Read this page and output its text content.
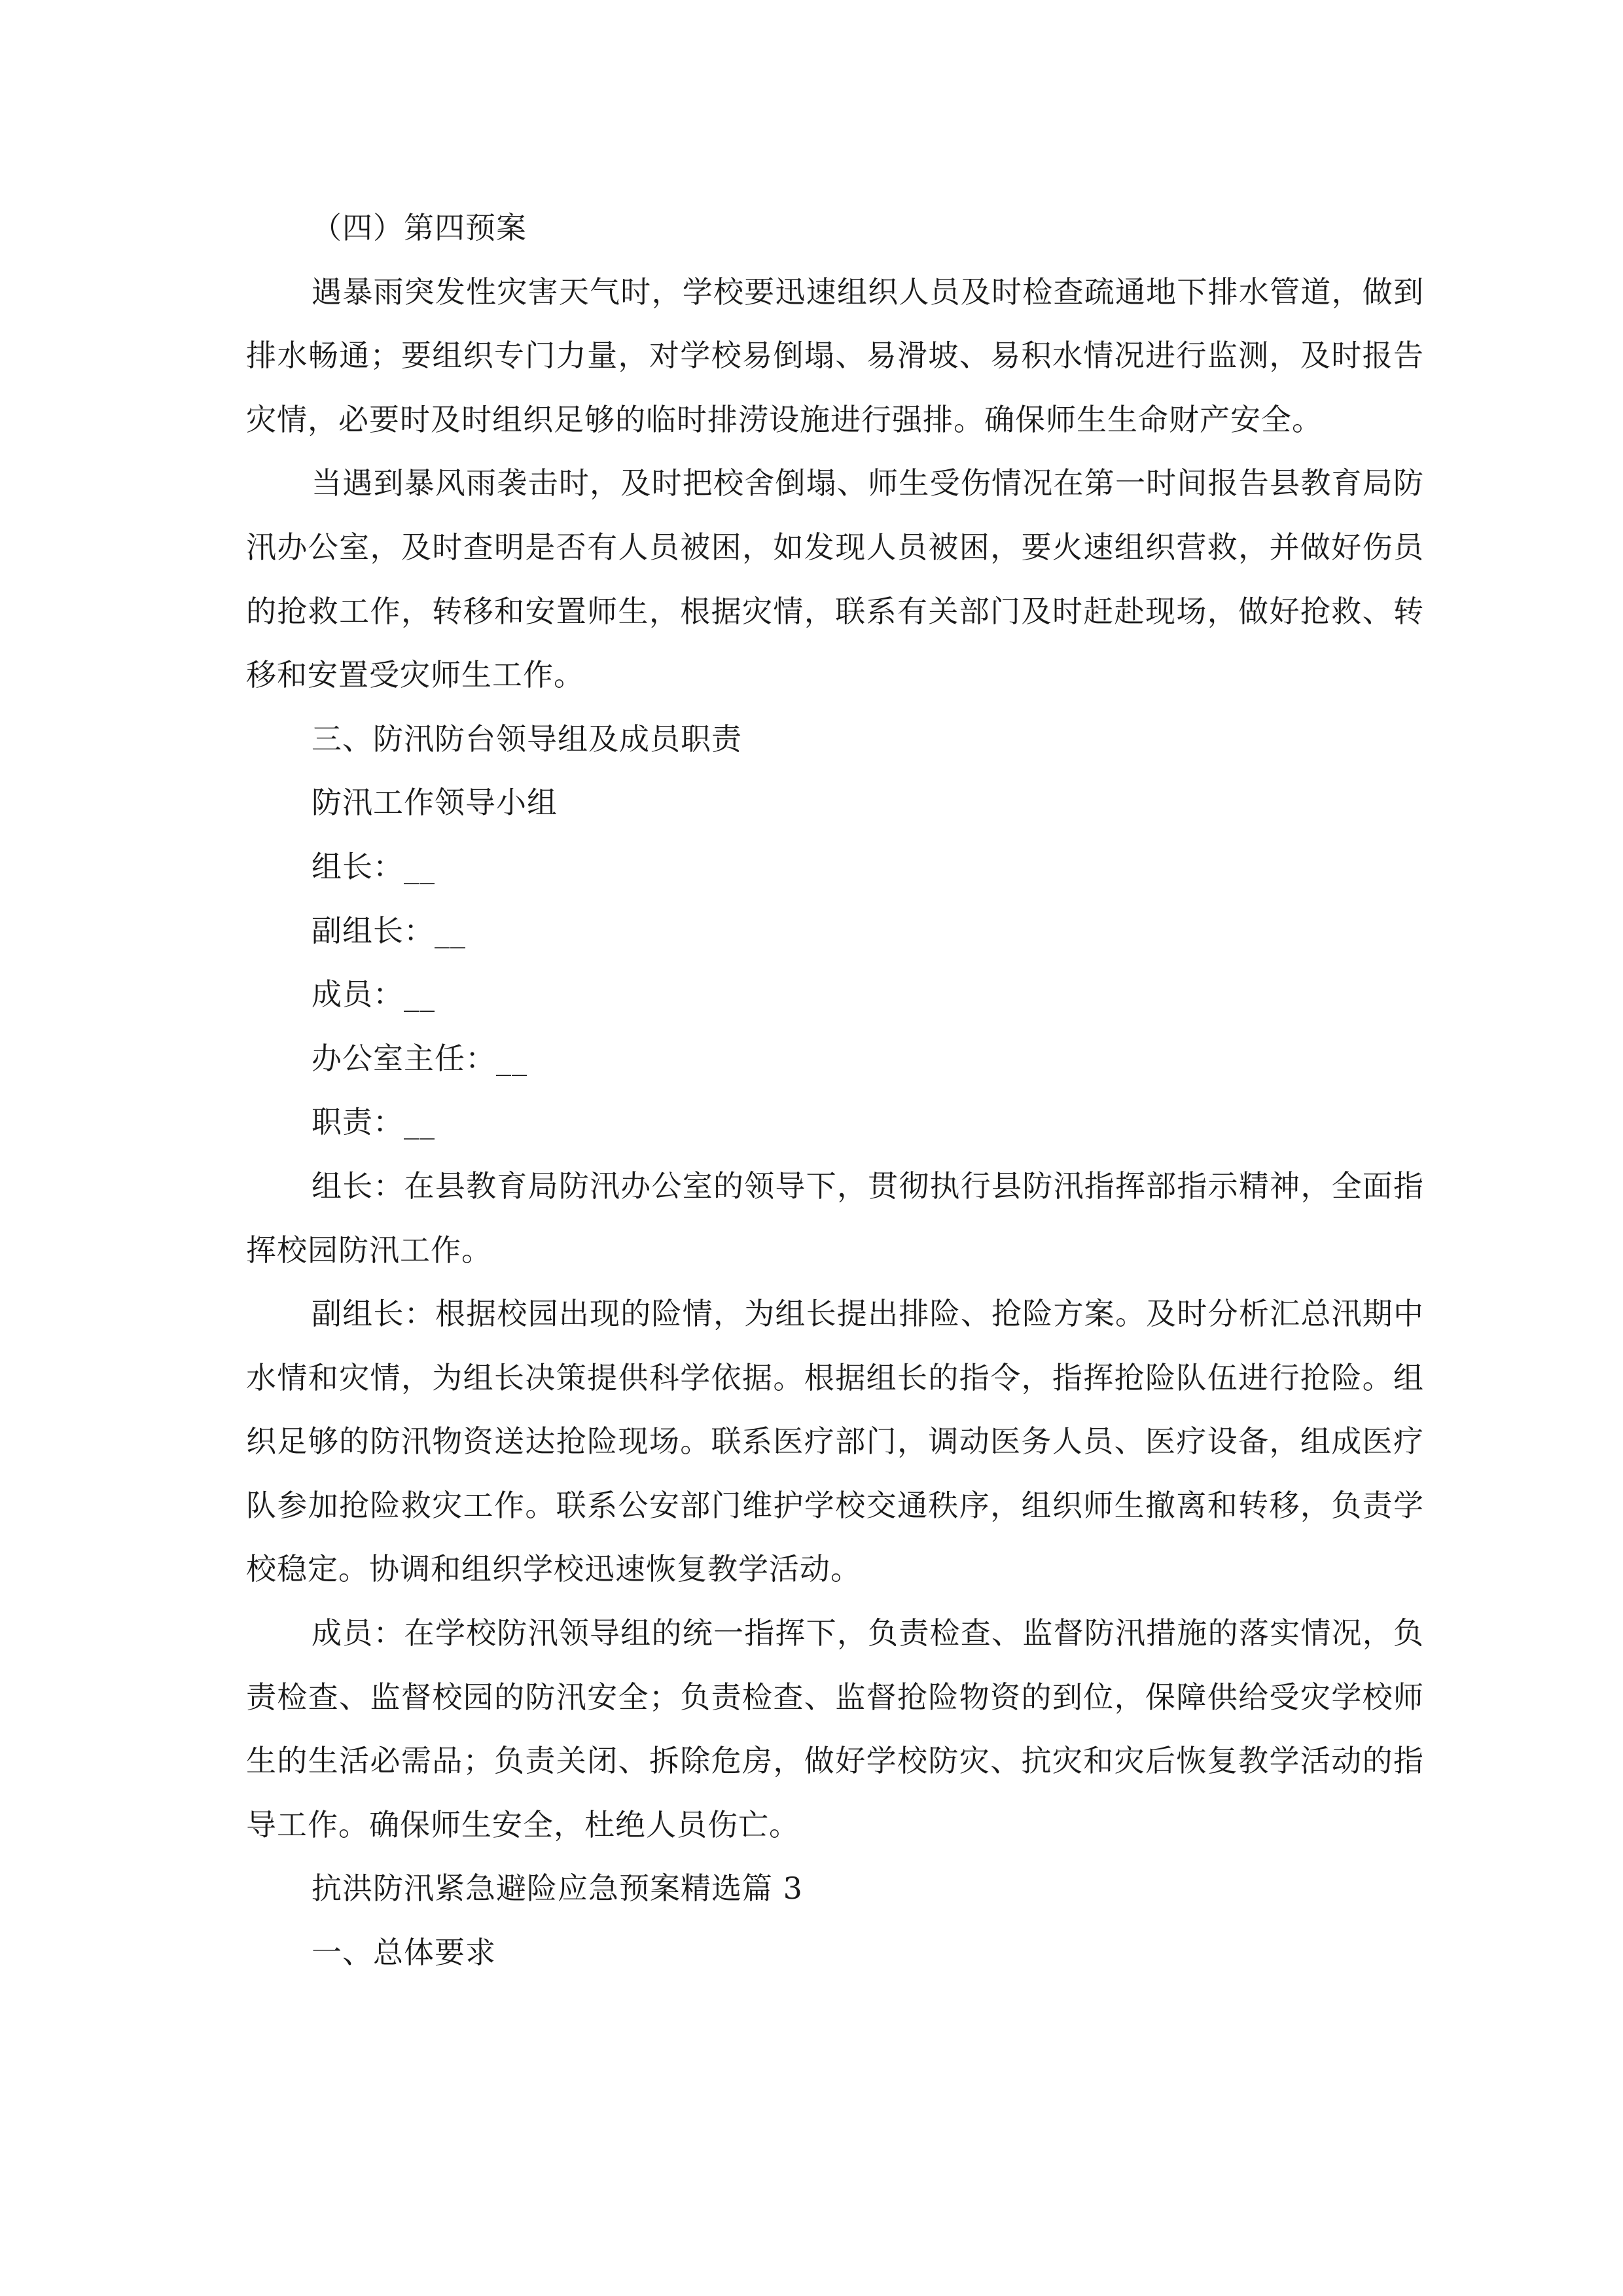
（四）第四预案

遇暴雨突发性灾害天气时，学校要迅速组织人员及时检查疏通地下排水管道，做到排水畅通；要组织专门力量，对学校易倒塌、易滑坡、易积水情况进行监测，及时报告灾情，必要时及时组织足够的临时排涝设施进行强排。确保师生生命财产安全。

当遇到暴风雨袭击时，及时把校舍倒塌、师生受伤情况在第一时间报告县教育局防汛办公室，及时查明是否有人员被困，如发现人员被困，要火速组织营救，并做好伤员的抢救工作，转移和安置师生，根据灾情，联系有关部门及时赶赴现场，做好抢救、转移和安置受灾师生工作。

三、防汛防台领导组及成员职责

防汛工作领导小组

组长：__

副组长：__

成员：__

办公室主任：__

职责：__

组长：在县教育局防汛办公室的领导下，贯彻执行县防汛指挥部指示精神，全面指挥校园防汛工作。

副组长：根据校园出现的险情，为组长提出排险、抢险方案。及时分析汇总汛期中水情和灾情，为组长决策提供科学依据。根据组长的指令，指挥抢险队伍进行抢险。组织足够的防汛物资送达抢险现场。联系医疗部门，调动医务人员、医疗设备，组成医疗队参加抢险救灾工作。联系公安部门维护学校交通秩序，组织师生撤离和转移，负责学校稳定。协调和组织学校迅速恢复教学活动。

成员：在学校防汛领导组的统一指挥下，负责检查、监督防汛措施的落实情况，负责检查、监督校园的防汛安全；负责检查、监督抢险物资的到位，保障供给受灾学校师生的生活必需品；负责关闭、拆除危房，做好学校防灾、抗灾和灾后恢复教学活动的指导工作。确保师生安全，杜绝人员伤亡。

抗洪防汛紧急避险应急预案精选篇 3

一、总体要求
